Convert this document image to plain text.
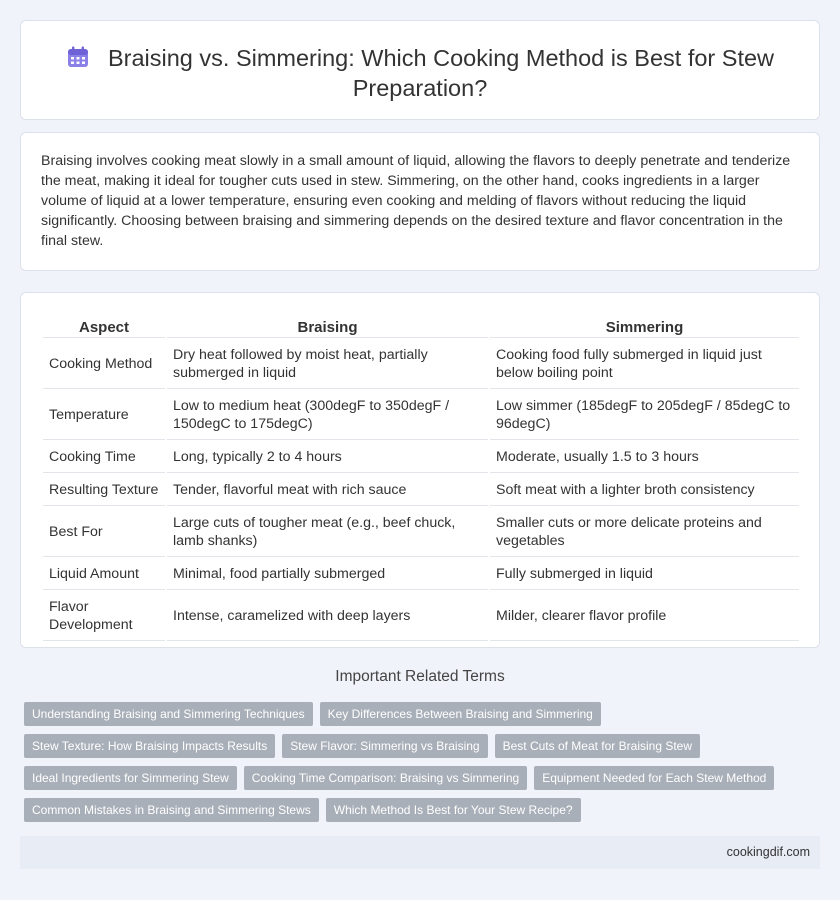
Braising vs. Simmering: Which Cooking Method is Best for Stew Preparation?

Braising involves cooking meat slowly in a small amount of liquid, allowing the flavors to deeply penetrate and tenderize the meat, making it ideal for tougher cuts used in stew. Simmering, on the other hand, cooks ingredients in a larger volume of liquid at a lower temperature, ensuring even cooking and melding of flavors without reducing the liquid significantly. Choosing between braising and simmering depends on the desired texture and flavor concentration in the final stew.

Aspect	Braising	Simmering
Cooking Method	Dry heat followed by moist heat, partially submerged in liquid	Cooking food fully submerged in liquid just below boiling point
Temperature	Low to medium heat (300degF to 350degF / 150degC to 175degC)	Low simmer (185degF to 205degF / 85degC to 96degC)
Cooking Time	Long, typically 2 to 4 hours	Moderate, usually 1.5 to 3 hours
Resulting Texture	Tender, flavorful meat with rich sauce	Soft meat with a lighter broth consistency
Best For	Large cuts of tougher meat (e.g., beef chuck, lamb shanks)	Smaller cuts or more delicate proteins and vegetables
Liquid Amount	Minimal, food partially submerged	Fully submerged in liquid
Flavor Development	Intense, caramelized with deep layers	Milder, clearer flavor profile
Important Related Terms
Understanding Braising and Simmering Techniques	Key Differences Between Braising and Simmering
Stew Texture: How Braising Impacts Results	Stew Flavor: Simmering vs Braising	Best Cuts of Meat for Braising Stew
Ideal Ingredients for Simmering Stew	Cooking Time Comparison: Braising vs Simmering	Equipment Needed for Each Stew Method
Common Mistakes in Braising and Simmering Stews	Which Method Is Best for Your Stew Recipe?
cookingdif.com
